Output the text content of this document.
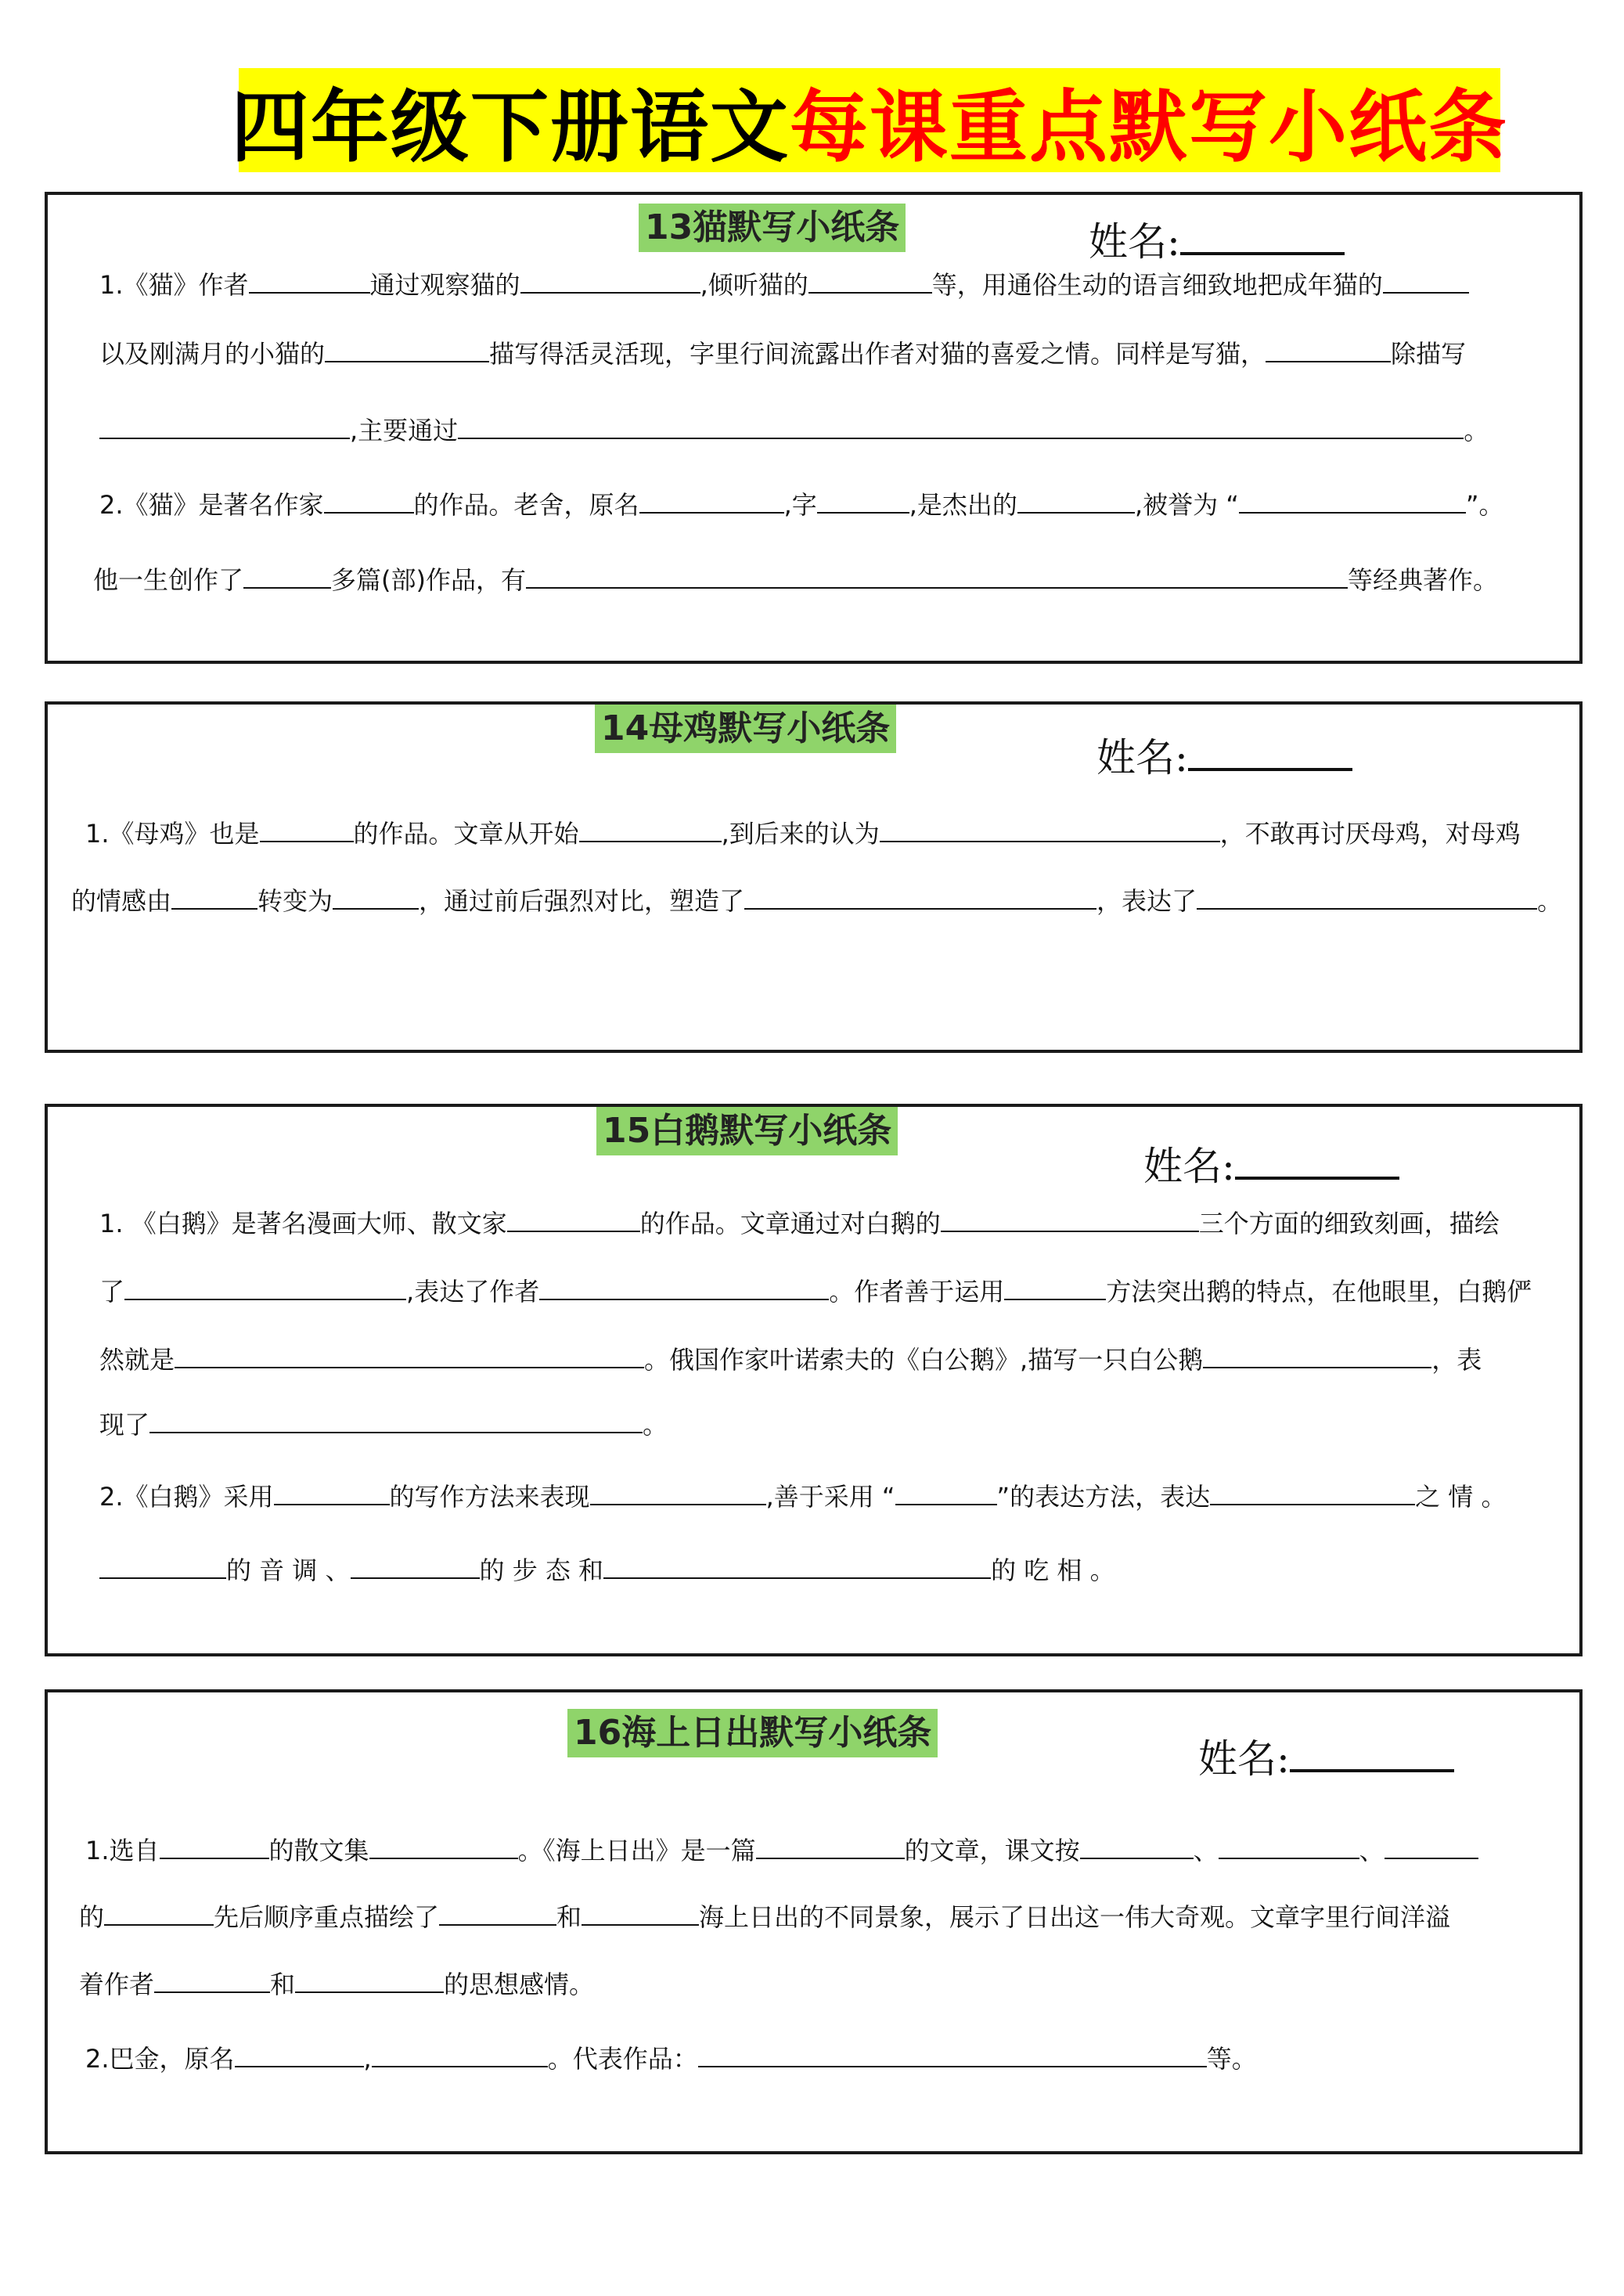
四年级下册语文 每课重点默写小纸条
13猫默写小纸条	姓名:
1.《猫》作者	通过观察猫的	,倾听猫的	等，用通俗生动的语言细致地把成年猫的
以及刚满月的小猫的	描写得活灵活现，字里行间流露出作者对猫的喜爱之情。同样是写猫，	除描写
,主要通过	。
2.《猫》是著名作家	的作品。老舍，原名	,字	,是杰出的	,被誉为 “	”。
他一生创作了	多篇(部)作品，有	等经典著作。
14母鸡默写小纸条
姓名:
1.《母鸡》也是	的作品。文章从开始	,到后来的认为	，不敢再讨厌母鸡，对母鸡
的情感由	转变为	，通过前后强烈对比，塑造了	，表达了	。
15白鹅默写小纸条
姓名:
1. 《白鹅》是著名漫画大师、散文家	的作品。文章通过对白鹅的	三个方面的细致刻画，描绘
了	,表达了作者	。作者善于运用	方法突出鹅的特点，在他眼里，白鹅俨
然就是	。俄国作家叶诺索夫的《白公鹅》,描写一只白公鹅	，表
现了	。
2.《白鹅》采用	的写作方法来表现	,善于采用 “	”的表达方法，表达	之 情 。
的 音 调 、	的 步 态 和	的 吃 相 。
16海上日出默写小纸条
姓名:
1.选自	的散文集	。《海上日出》是一篇	的文章，课文按	、	、
的	先后顺序重点描绘了	和	海上日出的不同景象，展示了日出这一伟大奇观。文章字里行间洋溢
着作者	和	的思想感情。
2.巴金，原名	,	。代表作品：	等。
